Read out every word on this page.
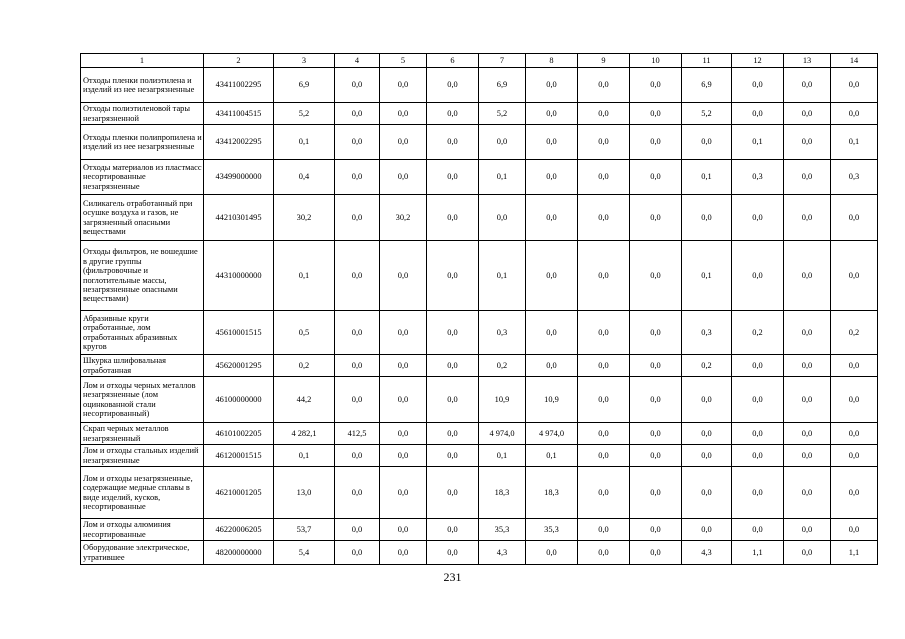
1	2	3	4	5	6	7	8	9	10	11	12	13	14
Отходы пленки полиэтилена и изделий из нее незагрязненные	43411002295	6,9	0,0	0,0	0,0	6,9	0,0	0,0	0,0	6,9	0,0	0,0	0,0
Отходы полиэтиленовой тары незагрязненной	43411004515	5,2	0,0	0,0	0,0	5,2	0,0	0,0	0,0	5,2	0,0	0,0	0,0
Отходы пленки полипропилена и изделий из нее незагрязненные	43412002295	0,1	0,0	0,0	0,0	0,0	0,0	0,0	0,0	0,0	0,1	0,0	0,1
Отходы материалов из пластмасс несортированные незагрязненные	43499000000	0,4	0,0	0,0	0,0	0,1	0,0	0,0	0,0	0,1	0,3	0,0	0,3
Силикагель отработанный при осушке воздуха и газов, не загрязненный опасными веществами	44210301495	30,2	0,0	30,2	0,0	0,0	0,0	0,0	0,0	0,0	0,0	0,0	0,0
Отходы фильтров, не вошедшие в другие группы (фильтровочные и поглотительные массы, незагрязненные опасными веществами)	44310000000	0,1	0,0	0,0	0,0	0,1	0,0	0,0	0,0	0,1	0,0	0,0	0,0
Абразивные круги отработанные, лом отработанных абразивных кругов	45610001515	0,5	0,0	0,0	0,0	0,3	0,0	0,0	0,0	0,3	0,2	0,0	0,2
Шкурка шлифовальная отработанная	45620001295	0,2	0,0	0,0	0,0	0,2	0,0	0,0	0,0	0,2	0,0	0,0	0,0
Лом и отходы черных металлов незагрязненные (лом оцинкованной стали несортированный)	46100000000	44,2	0,0	0,0	0,0	10,9	10,9	0,0	0,0	0,0	0,0	0,0	0,0
Скрап черных металлов незагрязненный	46101002205	4 282,1	412,5	0,0	0,0	4 974,0	4 974,0	0,0	0,0	0,0	0,0	0,0	0,0
Лом и отходы стальных изделий незагрязненные	46120001515	0,1	0,0	0,0	0,0	0,1	0,1	0,0	0,0	0,0	0,0	0,0	0,0
Лом и отходы незагрязненные, содержащие медные сплавы в виде изделий, кусков, несортированные	46210001205	13,0	0,0	0,0	0,0	18,3	18,3	0,0	0,0	0,0	0,0	0,0	0,0
Лом и отходы алюминия несортированные	46220006205	53,7	0,0	0,0	0,0	35,3	35,3	0,0	0,0	0,0	0,0	0,0	0,0
Оборудование электрическое, утратившее	48200000000	5,4	0,0	0,0	0,0	4,3	0,0	0,0	0,0	4,3	1,1	0,0	1,1
231
